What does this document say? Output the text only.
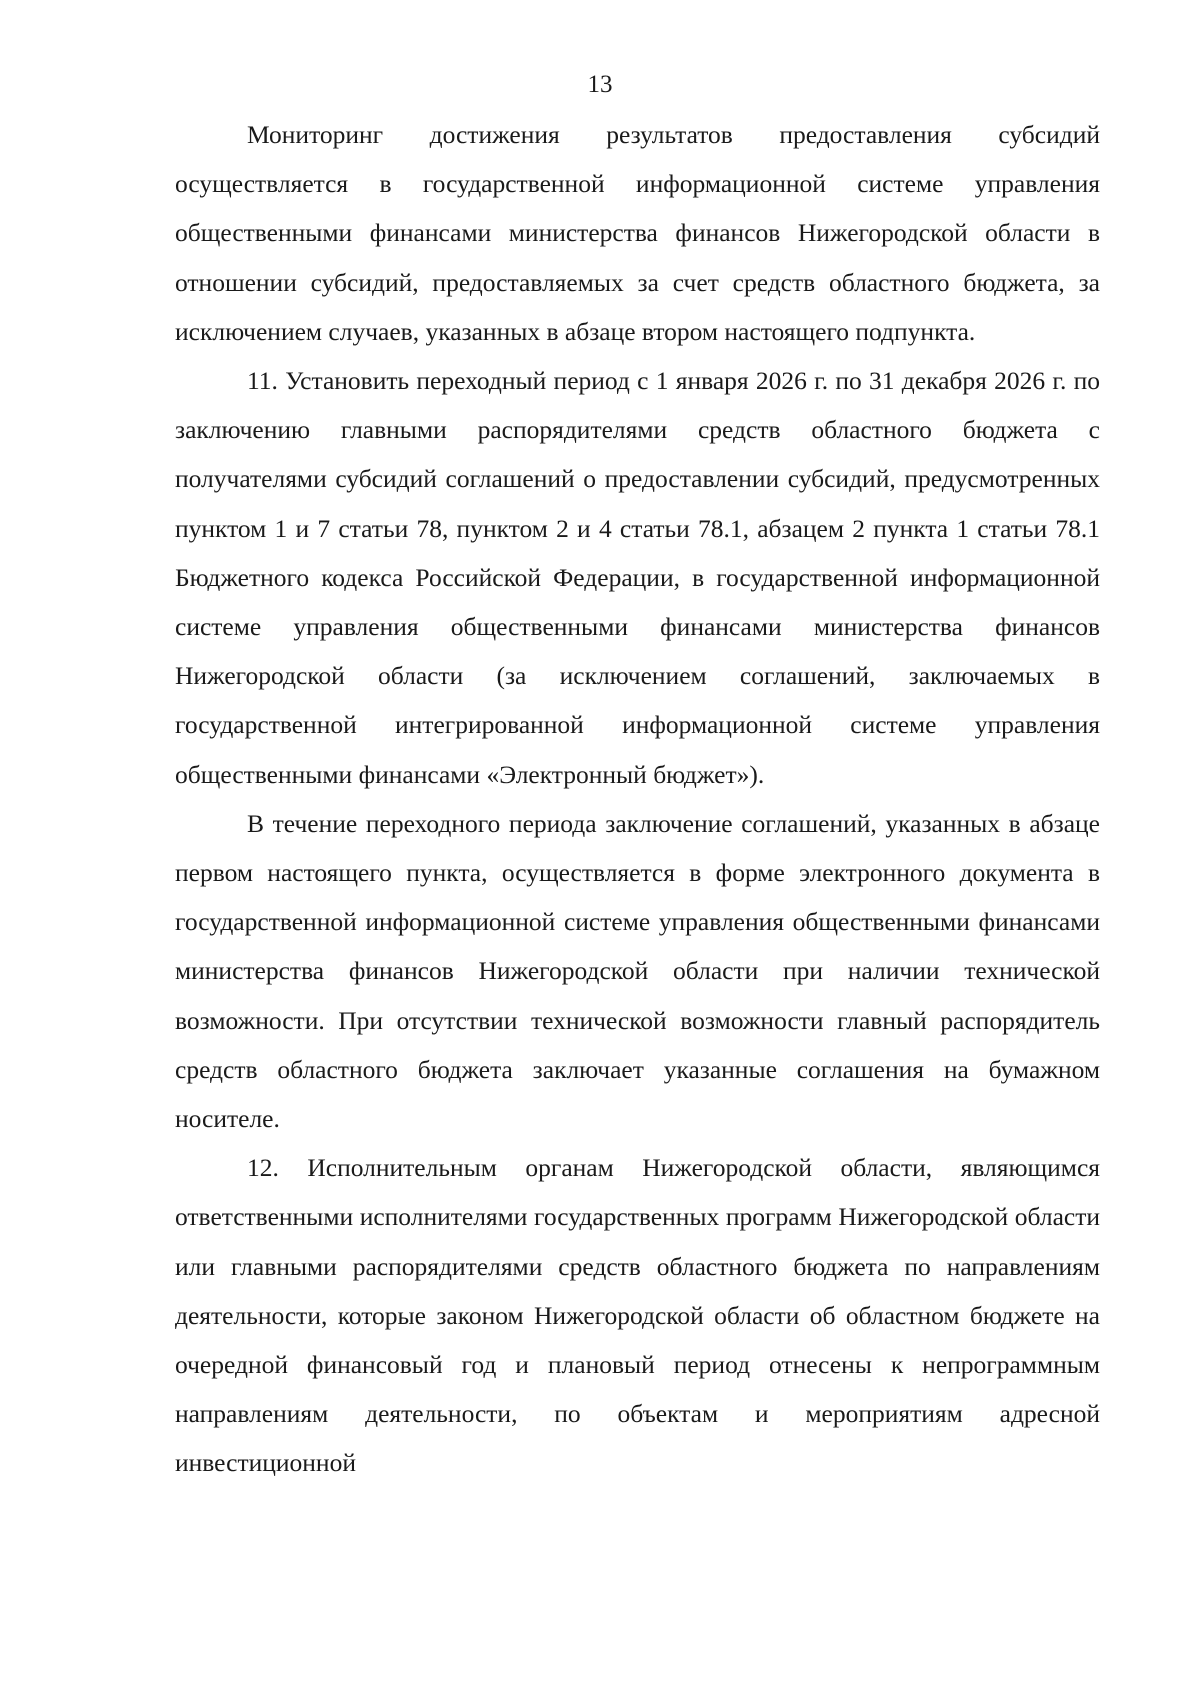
13

Мониторинг достижения результатов предоставления субсидий осуществляется в государственной информационной системе управления общественными финансами министерства финансов Нижегородской области в отношении субсидий, предоставляемых за счет средств областного бюджета, за исключением случаев, указанных в абзаце втором настоящего подпункта.

11. Установить переходный период с 1 января 2026 г. по 31 декабря 2026 г. по заключению главными распорядителями средств областного бюджета с получателями субсидий соглашений о предоставлении субсидий, предусмотренных пунктом 1 и 7 статьи 78, пунктом 2 и 4 статьи 78.1, абзацем 2 пункта 1 статьи 78.1 Бюджетного кодекса Российской Федерации, в государственной информационной системе управления общественными финансами министерства финансов Нижегородской области (за исключением соглашений, заключаемых в государственной интегрированной информационной системе управления общественными финансами «Электронный бюджет»).

В течение переходного периода заключение соглашений, указанных в абзаце первом настоящего пункта, осуществляется в форме электронного документа в государственной информационной системе управления общественными финансами министерства финансов Нижегородской области при наличии технической возможности. При отсутствии технической возможности главный распорядитель средств областного бюджета заключает указанные соглашения на бумажном носителе.

12. Исполнительным органам Нижегородской области, являющимся ответственными исполнителями государственных программ Нижегородской области или главными распорядителями средств областного бюджета по направлениям деятельности, которые законом Нижегородской области об областном бюджете на очередной финансовый год и плановый период отнесены к непрограммным направлениям деятельности, по объектам и мероприятиям адресной инвестиционной
